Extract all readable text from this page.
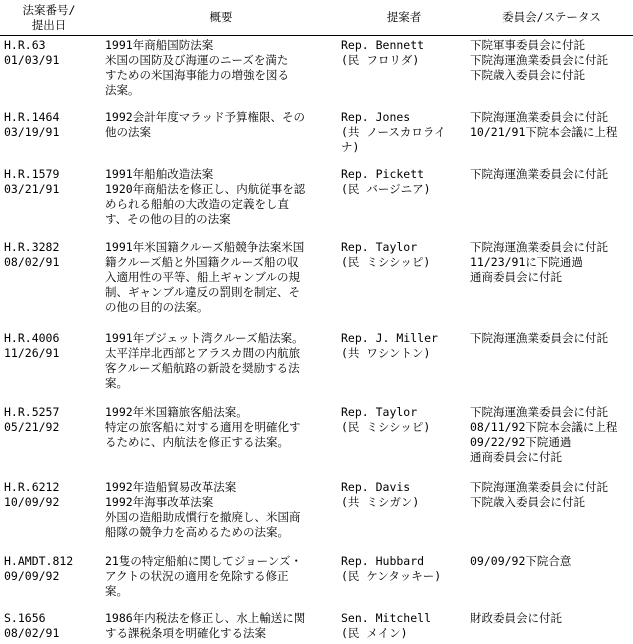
法案番号/
提出日
概要	提案者	委員会/ステータス
H.R.63
01/03/91
1991年商船国防法案
米国の国防及び海運のニーズを満た
すための米国海事能力の増強を図る
法案。
Rep. Bennett
(民 フロリダ)
下院軍事委員会に付託
下院海運漁業委員会に付託
下院歳入委員会に付託
H.R.1464
03/19/91
1992会計年度マラッド予算権限、その
他の法案
Rep. Jones
(共 ノースカロライ
ナ)
下院海運漁業委員会に付託
10/21/91下院本会議に上程
H.R.1579
03/21/91
1991年船舶改造法案
1920年商船法を修正し、内航従事を認
められる船舶の大改造の定義をし直
す、その他の目的の法案
Rep. Pickett
(民 バージニア)
下院海運漁業委員会に付託
H.R.3282
08/02/91
1991年米国籍クルーズ船競争法案米国
籍クルーズ船と外国籍クルーズ船の収
入適用性の平等、船上ギャンブルの規
制、ギャンブル違反の罰則を制定、そ
の他の目的の法案。
Rep. Taylor
(民 ミシシッピ)
下院海運漁業委員会に付託
11/23/91に下院通過
通商委員会に付託
H.R.4006
11/26/91
1991年プジェット湾クルーズ船法案。
太平洋岸北西部とアラスカ間の内航旅
客クルーズ船航路の新設を奨励する法
案。
Rep. J. Miller
(共 ワシントン)
下院海運漁業委員会に付託
H.R.5257
05/21/92
1992年米国籍旅客船法案。
特定の旅客船に対する適用を明確化す
るために、内航法を修正する法案。
Rep. Taylor
(民 ミシシッピ)
下院海運漁業委員会に付託
08/11/92下院本会議に上程
09/22/92下院通過
通商委員会に付託
H.R.6212
10/09/92
1992年造船貿易改革法案
1992年海事改革法案
外国の造船助成慣行を撤廃し、米国商
船隊の競争力を高めるための法案。
Rep. Davis
(共 ミシガン)
下院海運漁業委員会に付託
下院歳入委員会に付託
H.AMDT.812
09/09/92
21隻の特定船舶に関してジョーンズ・
アクトの状況の適用を免除する修正
案。
Rep. Hubbard
(民 ケンタッキー)
09/09/92下院合意
S.1656
08/02/91
1986年内税法を修正し、水上輸送に関
する課税条項を明確化する法案
Sen. Mitchell
(民 メイン)
財政委員会に付託
